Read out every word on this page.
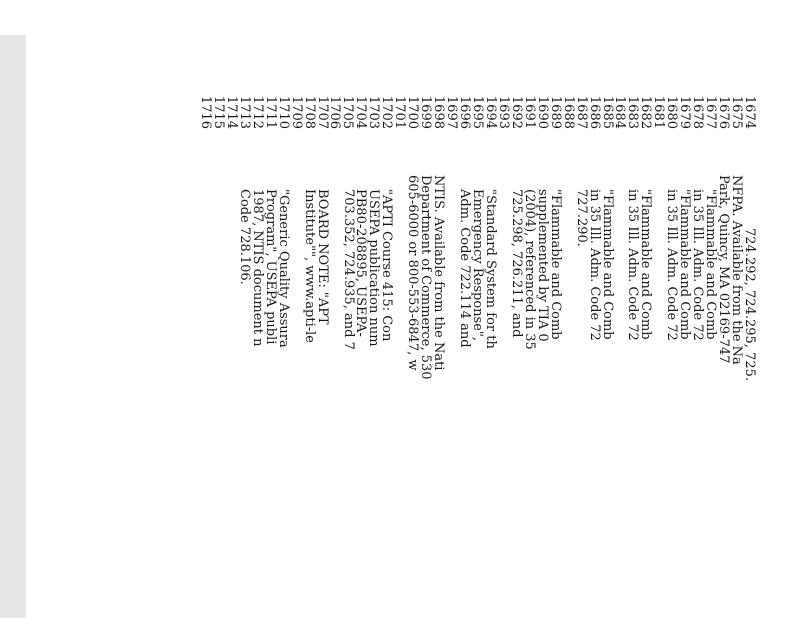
1674
1675
1676
1677
1678
1679
1680
1681
1682
1683
1684
1685
1686
1687
1688
1689
1690
1691
1692
1693
1694
1695
1696
1697
1698
1699
1700
1701
1702
1703
1704
1705
1706
1707
1708
1709
1710
1711
1712
1713
1714
1715
1716
724.292, 724.295, 725.
NFPA. Available from the Na
Park, Quincy, MA 02169-747
"Flammable and Comb
in 35 Ill. Adm. Code 72
"Flammable and Comb
in 35 Ill. Adm. Code 72
"Flammable and Comb
in 35 Ill. Adm. Code 72
"Flammable and Comb
in 35 Ill. Adm. Code 72
727.290.
"Flammable and Comb
supplemented by TIA 0
(2004), referenced in 35
725.298, 726.211, and
"Standard System for th
Emergency Response",
Adm. Code 722.114 and
NTIS. Available from the Nati
Department of Commerce, 530
605-6000 or 800-553-6847, w
"APTI Course 415: Con
USEPA publication num
PB80-208895, USEPA-
703.352, 724.935, and 7
BOARD NOTE: "APT
Institute"", www.apti-le
"Generic Quality Assura
Program", USEPA publi
1987, NTIS document n
Code 728.106.
